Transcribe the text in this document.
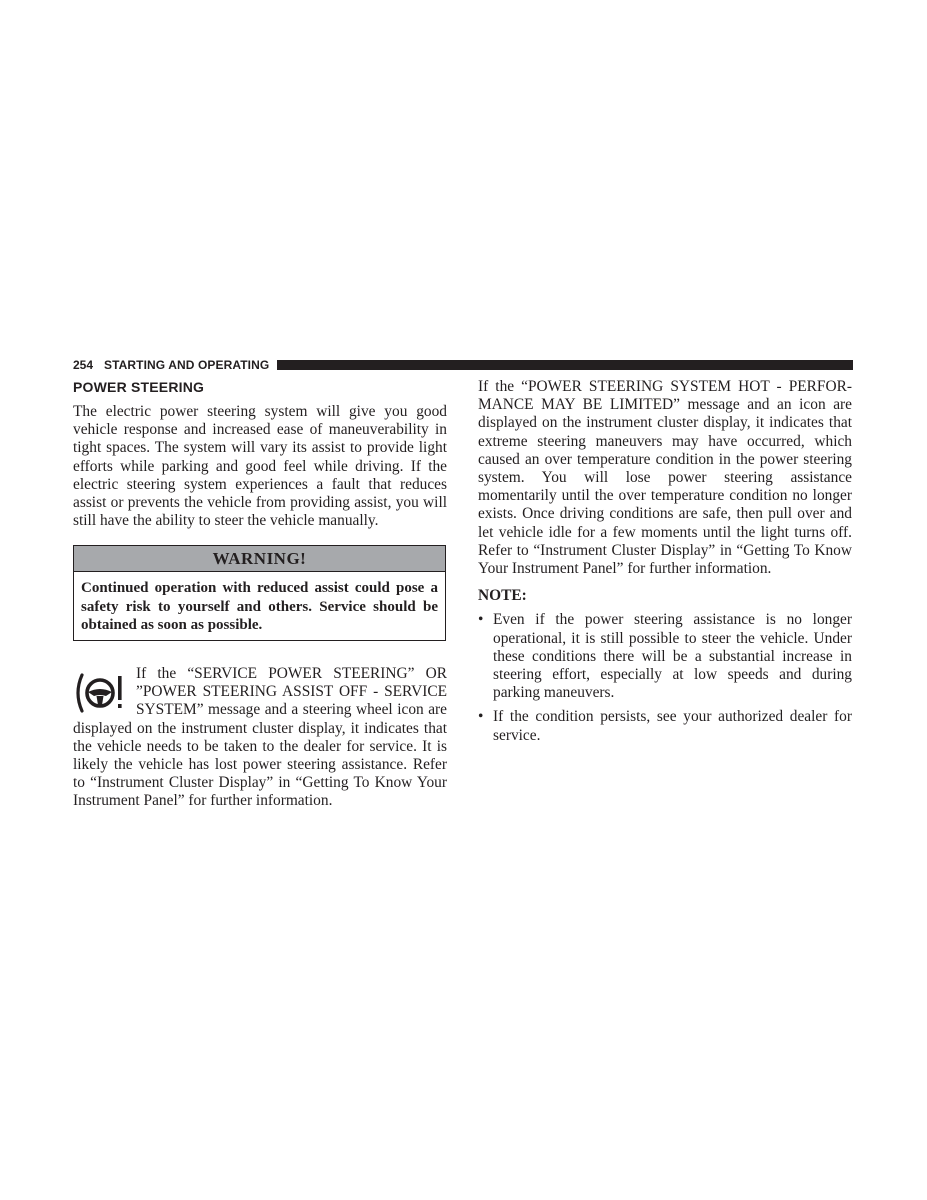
254 STARTING AND OPERATING
POWER STEERING

The electric power steering system will give you good vehicle response and increased ease of maneuverability in tight spaces. The system will vary its assist to provide light efforts while parking and good feel while driving. If the electric steering system experiences a fault that reduces assist or prevents the vehicle from providing assist, you will still have the ability to steer the vehicle manually.

WARNING!
Continued operation with reduced assist could pose a safety risk to yourself and others. Service should be obtained as soon as possible.

If the “SERVICE POWER STEERING” OR ”POWER STEERING ASSIST OFF - SERVICE SYSTEM” message and a steering wheel icon are displayed on the instrument cluster display, it indicates that the vehicle needs to be taken to the dealer for service. It is likely the vehicle has lost power steering assistance. Refer to “Instrument Cluster Display” in “Getting To Know Your Instrument Panel” for further information.

If the “POWER STEERING SYSTEM HOT - PERFORMANCE MAY BE LIMITED” message and an icon are displayed on the instrument cluster display, it indicates that extreme steering maneuvers may have occurred, which caused an over temperature condition in the power steering system. You will lose power steering assistance momentarily until the over temperature condition no longer exists. Once driving conditions are safe, then pull over and let vehicle idle for a few moments until the light turns off. Refer to “Instrument Cluster Display” in “Getting To Know Your Instrument Panel” for further information.

NOTE:
• Even if the power steering assistance is no longer operational, it is still possible to steer the vehicle. Under these conditions there will be a substantial increase in steering effort, especially at low speeds and during parking maneuvers.
• If the condition persists, see your authorized dealer for service.
